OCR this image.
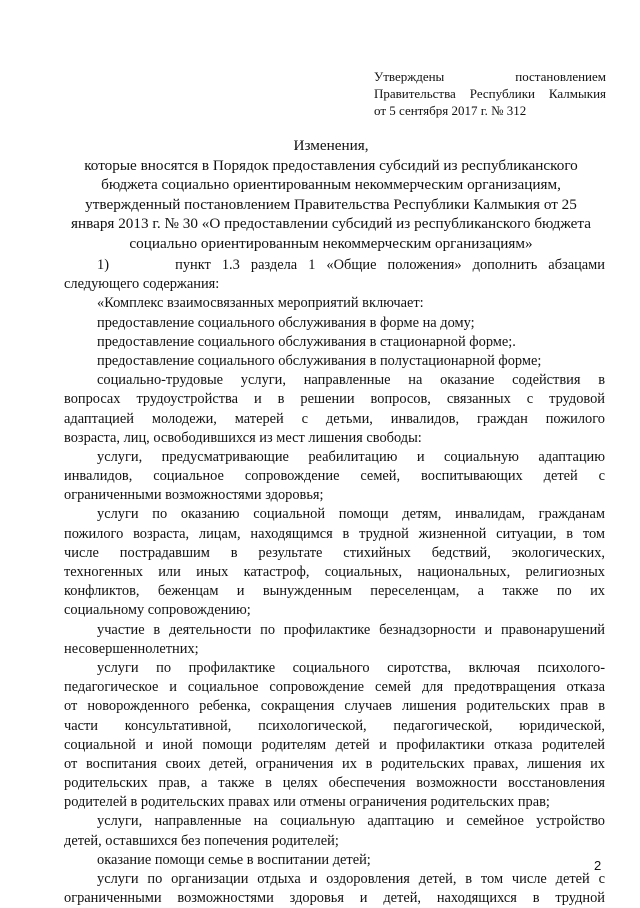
Утверждены постановлением
Правительства Республики Калмыкия
от 5 сентября 2017 г. № 312
Изменения,
которые вносятся в Порядок предоставления субсидий из республиканского
бюджета социально ориентированным некоммерческим организациям,
утвержденный постановлением Правительства Республики Калмыкия от 25
января 2013 г. № 30 «О предоставлении субсидий из республиканского бюджета
социально ориентированным некоммерческим организациям»
1)      пункт 1.3 раздела 1 «Общие положения» дополнить абзацами
следующего содержания:
«Комплекс взаимосвязанных мероприятий включает:
предоставление социального обслуживания в форме на дому;
предоставление социального обслуживания в стационарной форме;.
предоставление социального обслуживания в полустационарной форме;
социально-трудовые услуги, направленные на оказание содействия в
вопросах трудоустройства и в решении вопросов, связанных с трудовой
адаптацией молодежи, матерей с детьми, инвалидов, граждан пожилого
возраста, лиц, освободившихся из мест лишения свободы:
услуги, предусматривающие реабилитацию и социальную адаптацию
инвалидов, социальное сопровождение семей, воспитывающих детей с
ограниченными возможностями здоровья;
услуги по оказанию социальной помощи детям, инвалидам, гражданам
пожилого возраста, лицам, находящимся в трудной жизненной ситуации, в том
числе пострадавшим в результате стихийных бедствий, экологических,
техногенных или иных катастроф, социальных, национальных, религиозных
конфликтов, беженцам и вынужденным переселенцам, а также по их
социальному сопровождению;
участие в деятельности по профилактике безнадзорности и правонарушений
несовершеннолетних;
услуги по профилактике социального сиротства, включая психолого-
педагогическое и социальное сопровождение семей для предотвращения отказа
от новорожденного ребенка, сокращения случаев лишения родительских прав в
части консультативной, психологической, педагогической, юридической,
социальной и иной помощи родителям детей и профилактики отказа родителей
от воспитания своих детей, ограничения их в родительских правах, лишения их
родительских прав, а также в целях обеспечения возможности восстановления
родителей в родительских правах или отмены ограничения родительских прав;
услуги, направленные на социальную адаптацию и семейное устройство
детей, оставшихся без попечения родителей;
оказание помощи семье в воспитании детей;
услуги по организации отдыха и оздоровления детей, в том числе детей с
ограниченными возможностями здоровья и детей, находящихся в трудной
2
